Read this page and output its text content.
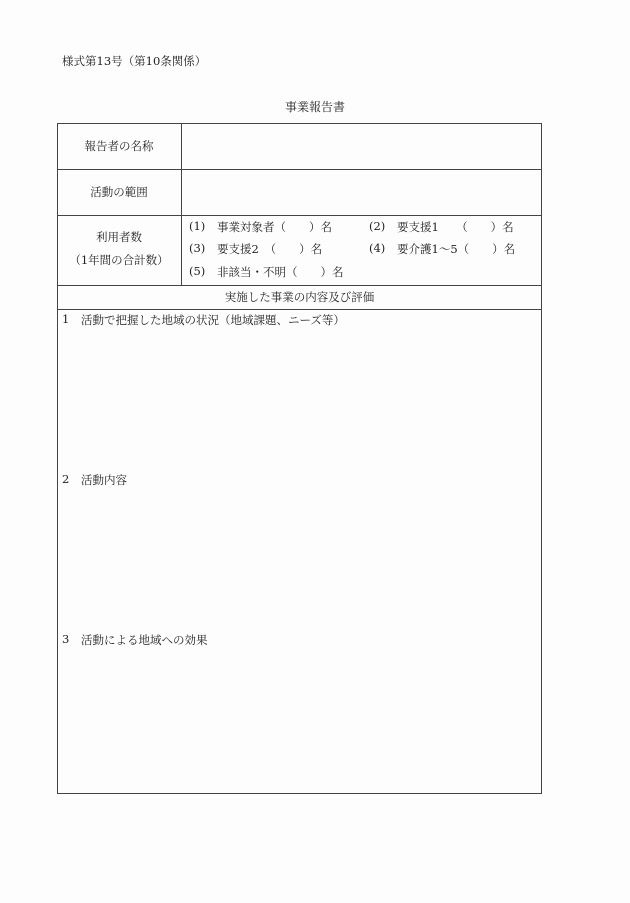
様式第13号（第10条関係）
事業報告書
報告者の名称
活動の範囲
利用者数
（1年間の合計数）
(1) 事業対象者（　　）名	(2) 要支援1　　（　　）名
(3) 要支援2　（　　）名	(4) 要介護1～5（　　）名
(5) 非該当・不明（　　）名
実施した事業の内容及び評価
1 活動で把握した地域の状況（地域課題、ニーズ等）
2 活動内容
3 活動による地域への効果
